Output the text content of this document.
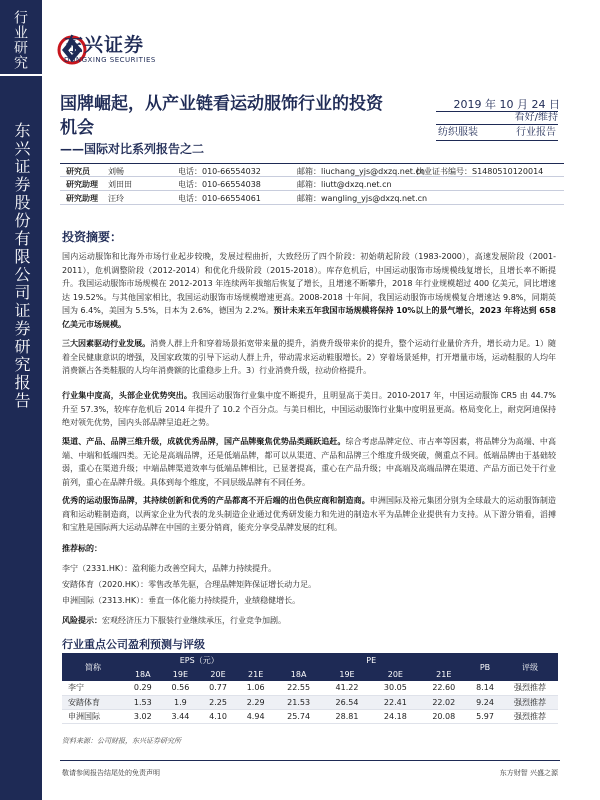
行业研究
东兴证券股份有限公司证券研究报告
东兴证券
DONGXING SECURITIES
国牌崛起，从产业链看运动服饰行业的投资机会
——国际对比系列报告之二
2019 年 10 月 24 日
看好/维持
纺织服装	行业报告
研究员 刘畅	电话：010-66554032	邮箱：liuchang_yjs@dxzq.net.cn
执业证书编号：S1480510120014
研究助理 刘田田	电话：010-66554038	邮箱：liutt@dxzq.net.cn
研究助理 汪玲	电话：010-66554061	邮箱：wangling_yjs@dxzq.net.cn
投资摘要：
国内运动服饰和比海外市场行业起步较晚，发展过程曲折，大致经历了四个阶段：初始萌起阶段（1983-2000），高速发展阶段（2001-2011），危机调整阶段（2012-2014）和优化升级阶段（2015-2018）。库存危机后，中国运动服饰市场规模线复增长，且增长率不断提升。我国运动服饰市场规模在 2012-2013 年连续两年拔缩后恢复了增长，且增速不断攀升，2018 年行业规模超过 400 亿美元，同比增速达 19.52%。与其他国家相比，我国运动服饰市场规模增速更高。2008-2018 十年间，我国运动服饰市场规模复合增速达 9.8%，同期英国为 6.4%，美国为 5.5%，日本为 2.6%，德国为 2.2%。预计未来五年我国市场规模将保持 10%以上的景气增长，2023 年将达到 658 亿美元市场规模。
三大因素驱动行业发展。消费人群上升和穿着场景拓宽带来量的提升，消费升级带来价的提升，整个运动行业量价齐升，增长动力足。1）随着全民健康意识的增强，及国家政策的引导下运动人群上升，带动需求运动鞋服增长。2）穿着场景延伸，打开增量市场，运动鞋服的人均年消费额占各类鞋服的人均年消费额的比重稳步上升。3）行业消费升级，拉动价格提升。
行业集中度高，头部企业优势突出。我国运动服饰行业集中度不断提升，且明显高于美日。2010-2017 年，中国运动服饰 CR5 由 44.7%升至 57.3%，较库存危机后 2014 年提升了 10.2 个百分点。与美日相比，中国运动服饰行业集中度明显更高。格局变化上，耐克阿迪保持绝对领先优势，国内头部品牌呈追赶之势。
渠道、产品、品牌三维升级，成就优秀品牌，国产品牌聚焦优势品类踊跃追赶。综合考虑品牌定位、市占率等因素，将品牌分为高端、中高端、中端和低端四类。无论是高端品牌，还是低端品牌，都可以从渠道、产品和品牌三个维度升级突破，侧重点不同。低端品牌由于基础较弱，重心在渠道升级；中端品牌渠道效率与低端品牌相比，已显著提高，重心在产品升级；中高端及高端品牌在渠道、产品方面已处于行业前列，重心在品牌升级。具体到每个维度，不同层级品牌有不同任务。
优秀的运动服饰品牌，其持续创新和优秀的产品都离不开后端的出色供应商和制造商。申洲国际及裕元集团分别为全球最大的运动服饰制造商和运动鞋制造商，以两家企业为代表的龙头制造企业通过优秀研发能力和先进的制造水平为品牌企业提供有力支持。从下游分销看，滔搏和宝胜是国际两大运动品牌在中国的主要分销商，能充分享受品牌发展的红利。
推荐标的：
李宁（2331.HK）：盈利能力改善空间大，品牌力持续提升。
安踏体育（2020.HK）：零售改革先驱，合理品牌矩阵保证增长动力足。
申洲国际（2313.HK）：垂直一体化能力持续提升，业绩稳健增长。
风险提示：宏观经济压力下服装行业继续承压，行业竞争加剧。
行业重点公司盈利预测与评级
简称	EPS（元）				PE				PB	评级
	18A	19E	20E	21E	18A	19E	20E	21E		
李宁	0.29	0.56	0.77	1.06	22.55	41.22	30.05	22.60	8.14	强烈推荐
安踏体育	1.53	1.9	2.25	2.29	21.53	26.54	22.41	22.02	9.24	强烈推荐
申洲国际	3.02	3.44	4.10	4.94	25.74	28.81	24.18	20.08	5.97	强烈推荐
资料来源：公司财报，东兴证券研究所
敬请参阅报告结尾处的免责声明	东方财智 兴盛之源
